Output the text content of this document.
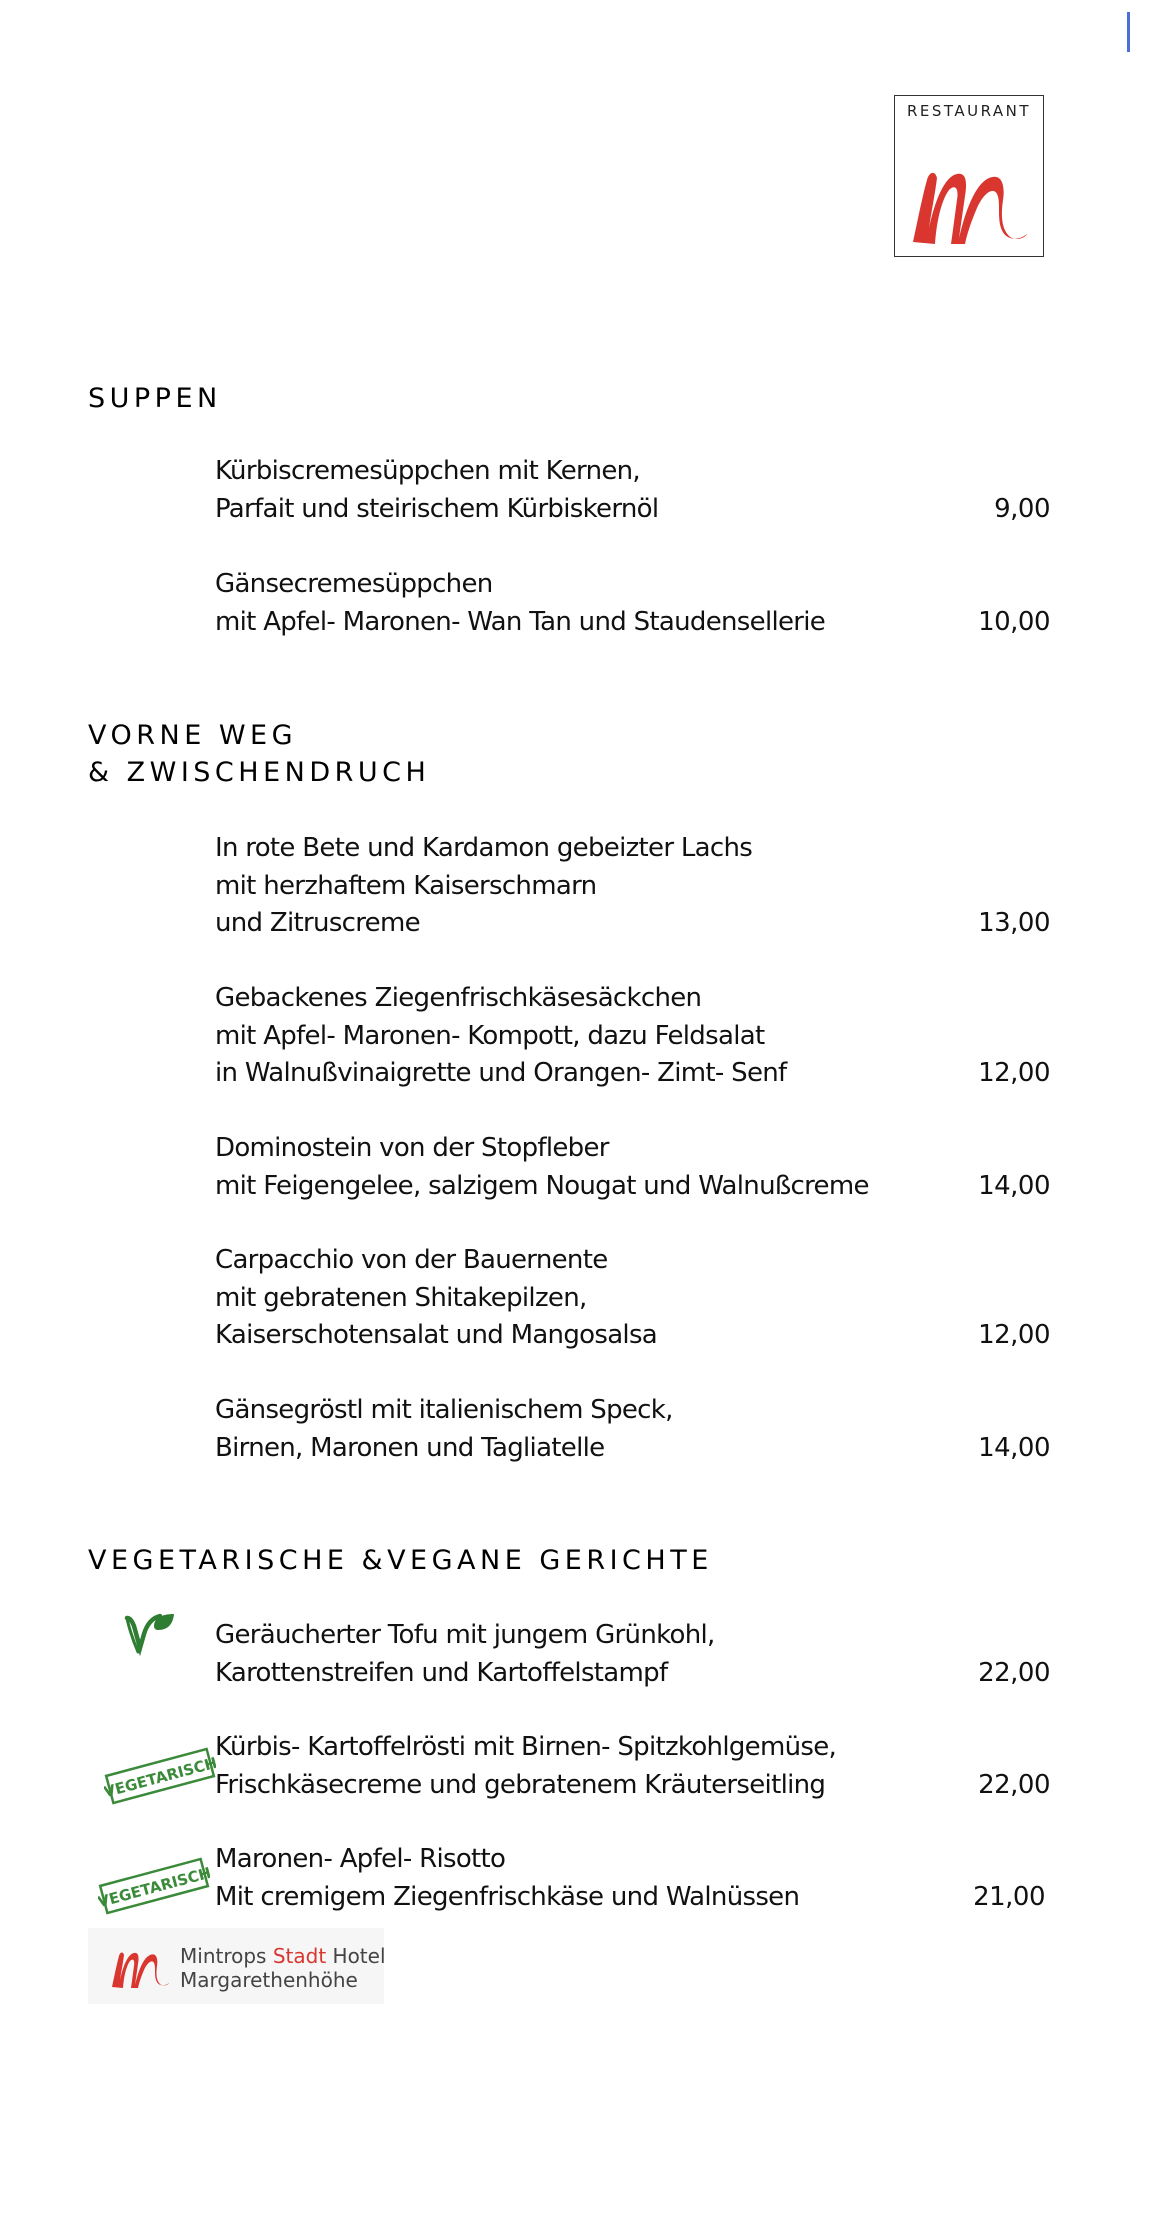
RESTAURANT
SUPPEN
Kürbiscremesüppchen mit Kernen,
Parfait und steirischem Kürbiskernöl	9,00
Gänsecremesüppchen
mit Apfel- Maronen- Wan Tan und Staudensellerie	10,00
VORNE WEG
& ZWISCHENDRUCH
In rote Bete und Kardamon gebeizter Lachs
mit herzhaftem Kaiserschmarn
und Zitruscreme	13,00
Gebackenes Ziegenfrischkäsesäckchen
mit Apfel- Maronen- Kompott, dazu Feldsalat
in Walnußvinaigrette und Orangen- Zimt- Senf	12,00
Dominostein von der Stopfleber
mit Feigengelee, salzigem Nougat und Walnußcreme	14,00
Carpacchio von der Bauernente
mit gebratenen Shitakepilzen,
Kaiserschotensalat und Mangosalsa	12,00
Gänsegröstl mit italienischem Speck,
Birnen, Maronen und Tagliatelle	14,00
VEGETARISCHE &VEGANE GERICHTE
Geräucherter Tofu mit jungem Grünkohl,
Karottenstreifen und Kartoffelstampf	22,00
VEGETARISCH
Kürbis- Kartoffelrösti mit Birnen- Spitzkohlgemüse,
Frischkäsecreme und gebratenem Kräuterseitling	22,00
VEGETARISCH
Maronen- Apfel- Risotto
Mit cremigem Ziegenfrischkäse und Walnüssen	21,00
Mintrops Stadt Hotel
Margarethenhöhe
